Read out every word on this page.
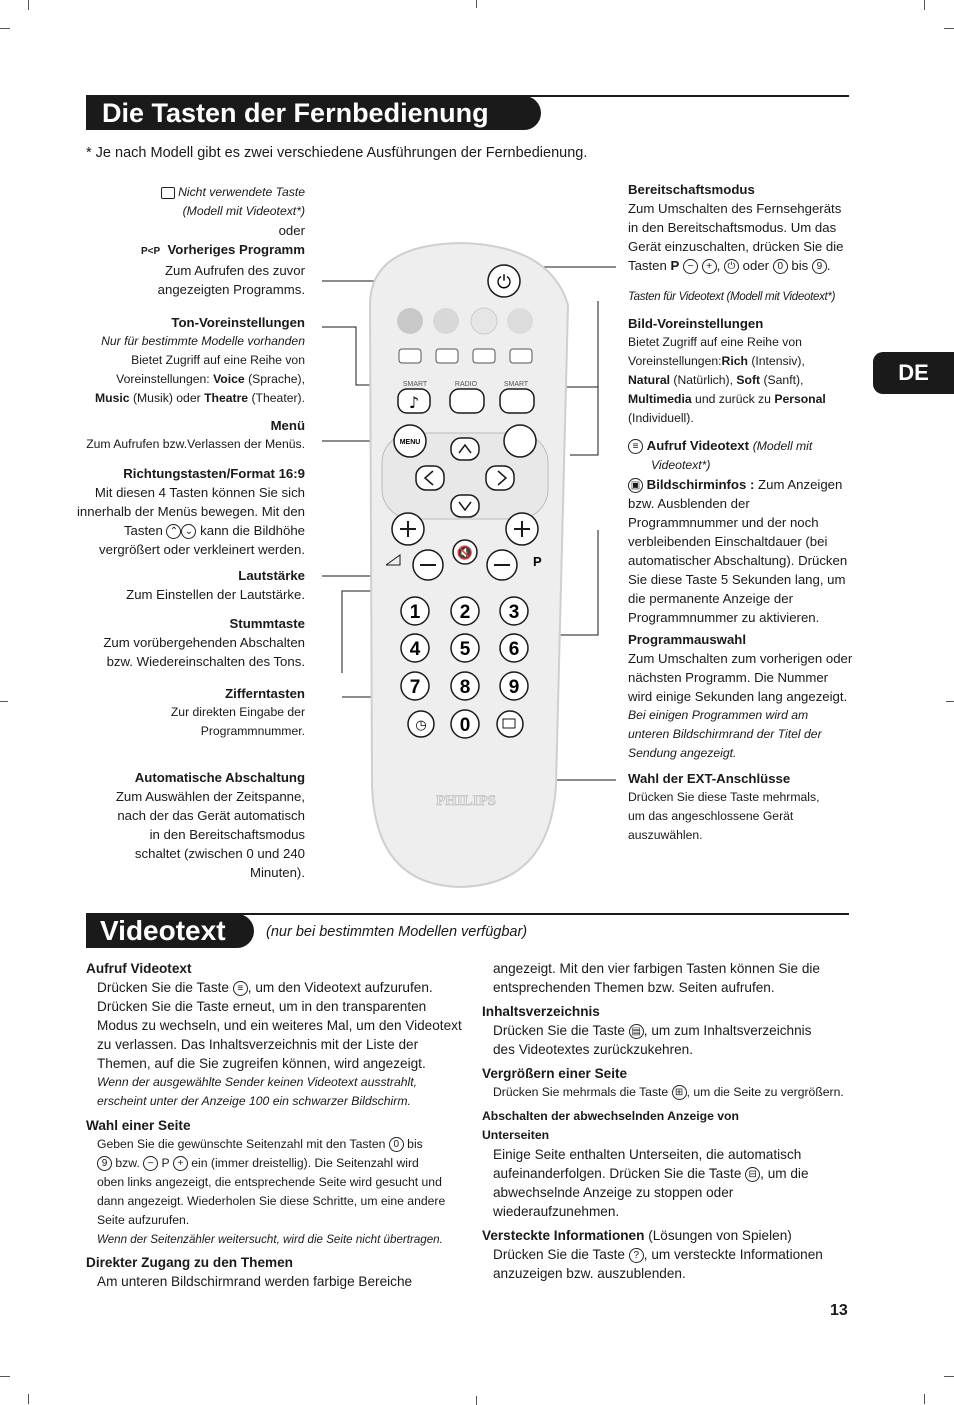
Die Tasten der Fernbedienung
* Je nach Modell gibt es zwei verschiedene Ausführungen der Fernbedienung.
DE
Nicht verwendete Taste
(Modell mit Videotext*)
oder
P<P Vorheriges Programm
Zum Aufrufen des zuvor
angezeigten Programms.
Ton-Voreinstellungen
Nur für bestimmte Modelle vorhanden
Bietet Zugriff auf eine Reihe von
Voreinstellungen: Voice (Sprache),
Music (Musik) oder Theatre (Theater).
Menü
Zum Aufrufen bzw.Verlassen der Menüs.
Richtungstasten/Format 16:9
Mit diesen 4 Tasten können Sie sich
innerhalb der Menüs bewegen. Mit den
Tasten ⌃ ⌄ kann die Bildhöhe
vergrößert oder verkleinert werden.
Lautstärke
Zum Einstellen der Lautstärke.
Stummtaste
Zum vorübergehenden Abschalten
bzw. Wiedereinschalten des Tons.
Zifferntasten
Zur direkten Eingabe der
Programmnummer.
Automatische Abschaltung
Zum Auswählen der Zeitspanne,
nach der das Gerät automatisch
in den Bereitschaftsmodus
schaltet (zwischen 0 und 240
Minuten).
Bereitschaftsmodus
Zum Umschalten des Fernsehgeräts
in den Bereitschaftsmodus. Um das
Gerät einzuschalten, drücken Sie die
Tasten P − + , ⏻ oder 0 bis 9 .
Tasten für Videotext (Modell mit Videotext*)
Bild-Voreinstellungen
Bietet Zugriff auf eine Reihe von
Voreinstellungen:Rich (Intensiv),
Natural (Natürlich), Soft (Sanft),
Multimedia und zurück zu Personal
(Individuell).
≡ Aufruf Videotext (Modell mit
Videotext*)
▣ Bildschirminfos : Zum Anzeigen
bzw. Ausblenden der
Programmnummer und der noch
verbleibenden Einschaltdauer (bei
automatischer Abschaltung). Drücken
Sie diese Taste 5 Sekunden lang, um
die permanente Anzeige der
Programmnummer zu aktivieren.
Programmauswahl
Zum Umschalten zum vorherigen oder
nächsten Programm. Die Nummer
wird einige Sekunden lang angezeigt.
Bei einigen Programmen wird am
unteren Bildschirmrand der Titel der
Sendung angezeigt.
Wahl der EXT-Anschlüsse
Drücken Sie diese Taste mehrmals,
um das angeschlossene Gerät
auszuwählen.
⏻
SMART	RADIO	SMART
♪
MENU
🔇
P
1 2 3
4 5 6
7 8 9
0
◷
PHILIPS
Videotext	(nur bei bestimmten Modellen verfügbar)

Aufruf Videotext

Drücken Sie die Taste ≡ , um den Videotext aufzurufen.

Drücken Sie die Taste erneut, um in den transparenten

Modus zu wechseln, und ein weiteres Mal, um den Videotext

zu verlassen. Das Inhaltsverzeichnis mit der Liste der

Themen, auf die Sie zugreifen können, wird angezeigt.

Wenn der ausgewählte Sender keinen Videotext ausstrahlt,

erscheint unter der Anzeige 100 ein schwarzer Bildschirm.

Wahl einer Seite

Geben Sie die gewünschte Seitenzahl mit den Tasten 0 bis

9 bzw. − P + ein (immer dreistellig). Die Seitenzahl wird

oben links angezeigt, die entsprechende Seite wird gesucht und

dann angezeigt. Wiederholen Sie diese Schritte, um eine andere

Seite aufzurufen.

Wenn der Seitenzähler weitersucht, wird die Seite nicht übertragen.

Direkter Zugang zu den Themen

Am unteren Bildschirmrand werden farbige Bereiche

angezeigt. Mit den vier farbigen Tasten können Sie die

entsprechenden Themen bzw. Seiten aufrufen.

Inhaltsverzeichnis

Drücken Sie die Taste ▤ , um zum Inhaltsverzeichnis

des Videotextes zurückzukehren.

Vergrößern einer Seite

Drücken Sie mehrmals die Taste ⊞ , um die Seite zu vergrößern.

Abschalten der abwechselnden Anzeige von

Unterseiten

Einige Seite enthalten Unterseiten, die automatisch

aufeinanderfolgen. Drücken Sie die Taste ⊟ , um die

abwechselnde Anzeige zu stoppen oder

wiederaufzunehmen.

Versteckte Informationen (Lösungen von Spielen)

Drücken Sie die Taste ? , um versteckte Informationen

anzuzeigen bzw. auszublenden.

13
